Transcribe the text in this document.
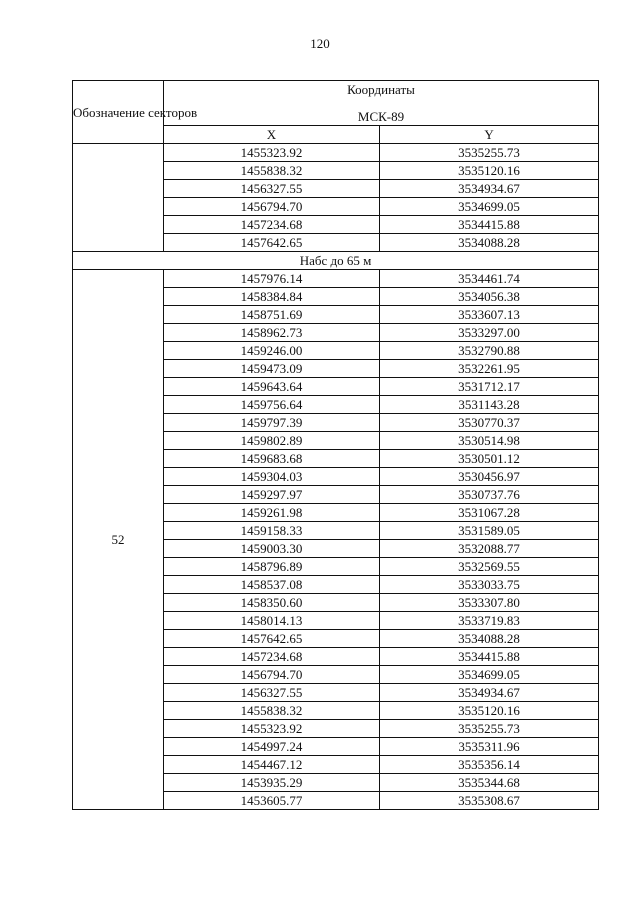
120
Обозначение секторов	Координаты
МСК-89	

	X	Y
	1455323.92	3535255.73
	1455838.32	3535120.16
	1456327.55	3534934.67
	1456794.70	3534699.05
	1457234.68	3534415.88
	1457642.65	3534088.28
Набс до 65 м		
52	1457976.14	3534461.74
	1458384.84	3534056.38
	1458751.69	3533607.13
	1458962.73	3533297.00
	1459246.00	3532790.88
	1459473.09	3532261.95
	1459643.64	3531712.17
	1459756.64	3531143.28
	1459797.39	3530770.37
	1459802.89	3530514.98
	1459683.68	3530501.12
	1459304.03	3530456.97
	1459297.97	3530737.76
	1459261.98	3531067.28
	1459158.33	3531589.05
	1459003.30	3532088.77
	1458796.89	3532569.55
	1458537.08	3533033.75
	1458350.60	3533307.80
	1458014.13	3533719.83
	1457642.65	3534088.28
	1457234.68	3534415.88
	1456794.70	3534699.05
	1456327.55	3534934.67
	1455838.32	3535120.16
	1455323.92	3535255.73
	1454997.24	3535311.96
	1454467.12	3535356.14
	1453935.29	3535344.68
	1453605.77	3535308.67
